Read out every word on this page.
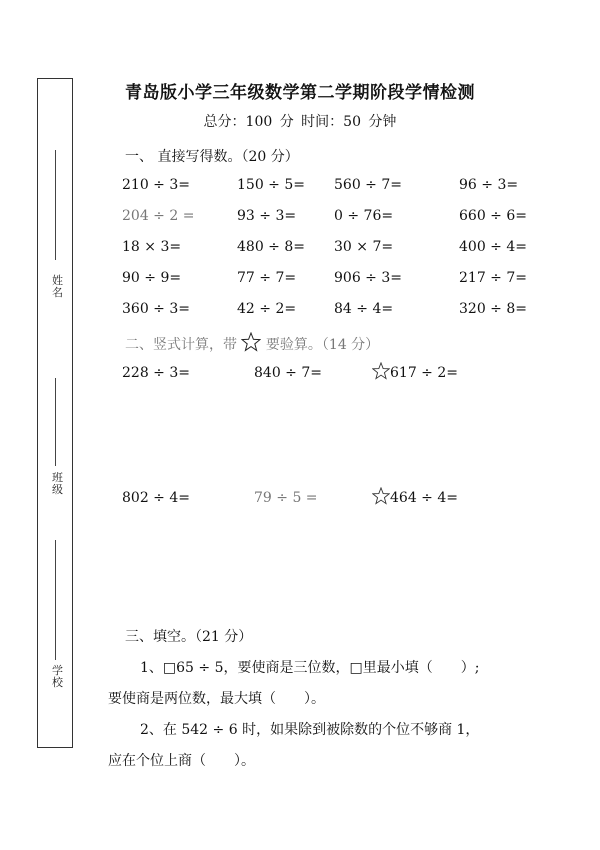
姓名
班级
学校
青岛版小学三年级数学第二学期阶段学情检测
总分：100 分 时间：50 分钟
一、 直接写得数。（20 分）
210 ÷ 3=	150 ÷ 5= 560 ÷ 7=	96 ÷ 3=
204 ÷ 2 =	93 ÷ 3=	0 ÷ 76=	660 ÷ 6=
18 × 3=	480 ÷ 8= 30 × 7=	400 ÷ 4=
90 ÷ 9=	77 ÷ 7=	906 ÷ 3=	217 ÷ 7=
360 ÷ 3=	42 ÷ 2=	84 ÷ 4=	320 ÷ 8=
二、竖式计算，带 要验算。（14 分）
228 ÷ 3=	840 ÷ 7=	617 ÷ 2=
802 ÷ 4=	79 ÷ 5 =	464 ÷ 4=
三、填空。（21 分）
1、□65 ÷ 5，要使商是三位数，□里最小填（　　）;
要使商是两位数，最大填（　　）。
2、在 542 ÷ 6 时，如果除到被除数的个位不够商 1，
应在个位上商（　　）。
